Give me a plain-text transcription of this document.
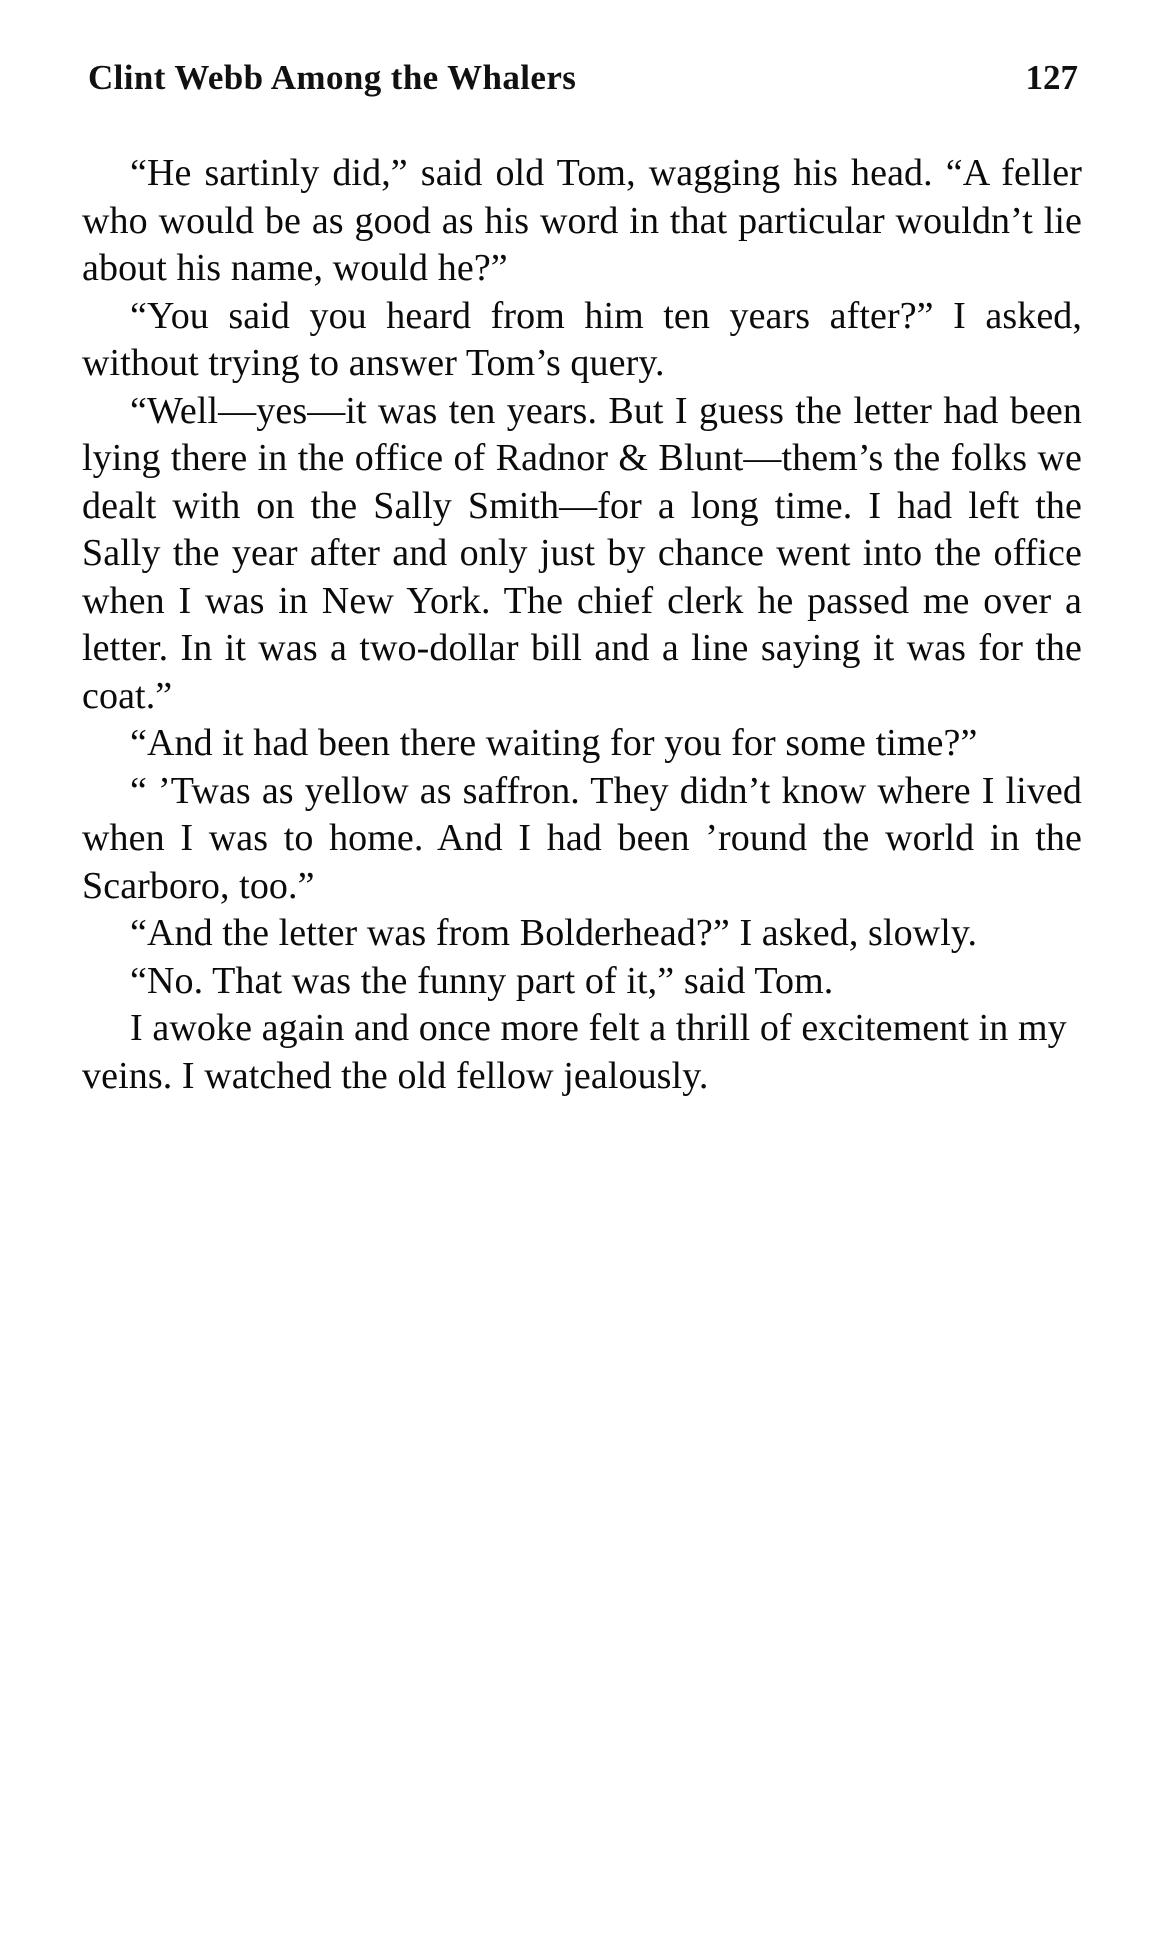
Clint Webb Among the Whalers	127

“He sartinly did,” said old Tom, wagging his head. “A feller who would be as good as his word in that particular wouldn’t lie about his name, would he?”

“You said you heard from him ten years after?” I asked, without trying to answer Tom’s query.

“Well—yes—it was ten years. But I guess the letter had been lying there in the office of Radnor & Blunt—them’s the folks we dealt with on the Sally Smith—for a long time. I had left the Sally the year after and only just by chance went into the office when I was in New York. The chief clerk he passed me over a letter. In it was a two-dollar bill and a line saying it was for the coat.”

“And it had been there waiting for you for some time?”

“ ’Twas as yellow as saffron. They didn’t know where I lived when I was to home. And I had been ’round the world in the Scarboro, too.”

“And the letter was from Bolderhead?” I asked, slowly.

“No. That was the funny part of it,” said Tom.

I awoke again and once more felt a thrill of excitement in my veins. I watched the old fellow jealously.
